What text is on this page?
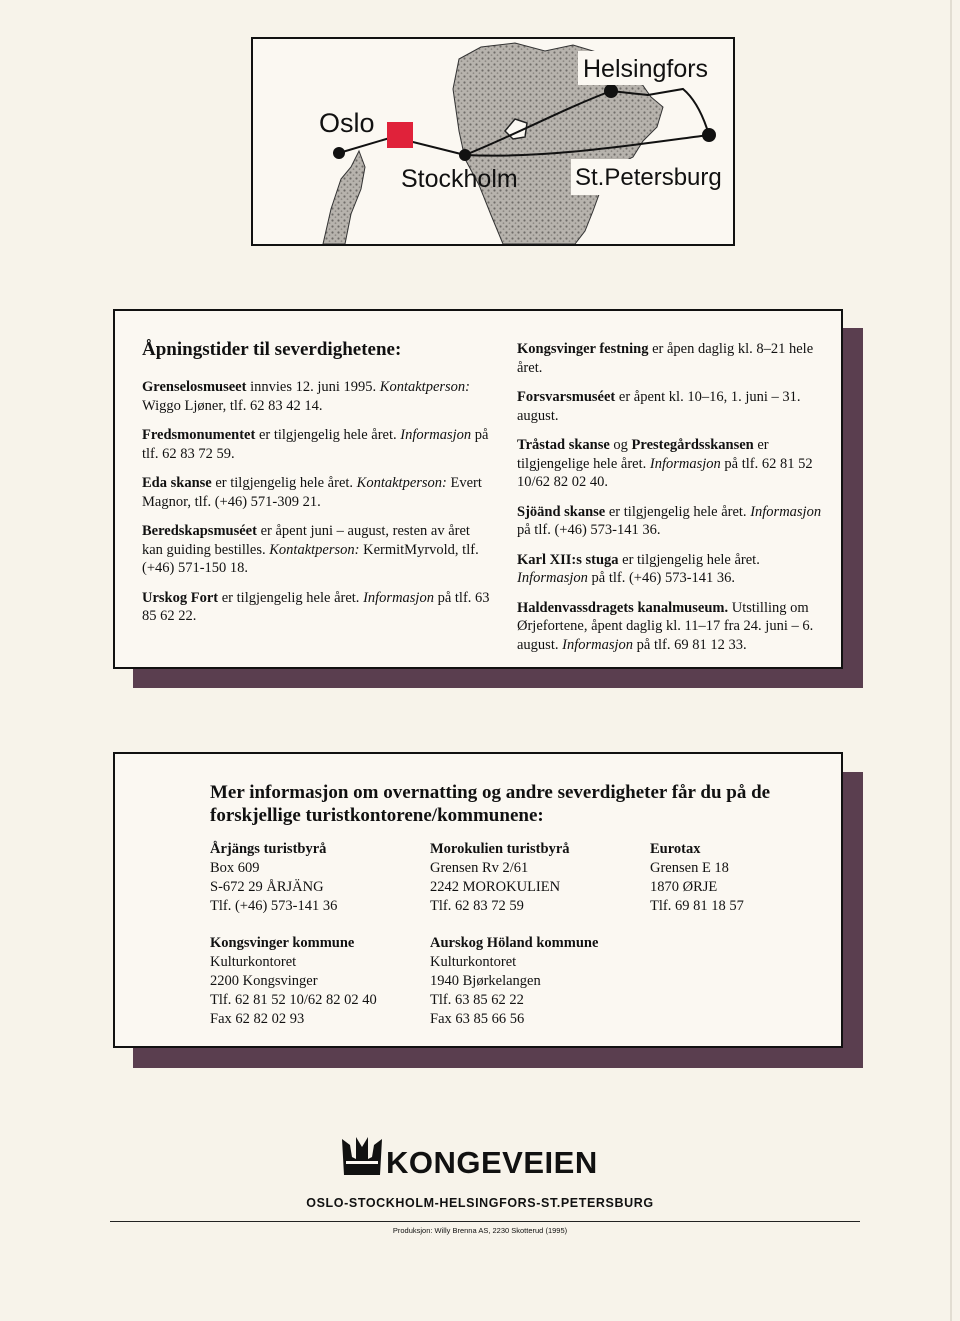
Oslo
Stockholm
Helsingfors
St.Petersburg
Åpningstider til severdighetene:

Grenselosmuseet innvies 12. juni 1995. Kontaktperson: Wiggo Ljøner, tlf. 62 83 42 14.

Fredsmonumentet er tilgjengelig hele året. Informasjon på tlf. 62 83 72 59.

Eda skanse er tilgjengelig hele året. Kontaktperson: Evert Magnor, tlf. (+46) 571-309 21.

Beredskapsmuséet er åpent juni – august, resten av året kan guiding bestilles. Kontaktperson: KermitMyrvold, tlf. (+46) 571-150 18.

Urskog Fort er tilgjengelig hele året. Informasjon på tlf. 63 85 62 22.

Kongsvinger festning er åpen daglig kl. 8–21 hele året.

Forsvarsmuséet er åpent kl. 10–16, 1. juni – 31. august.

Tråstad skanse og Prestegårdsskansen er tilgjengelige hele året. Informasjon på tlf. 62 81 52 10/62 82 02 40.

Sjöänd skanse er tilgjengelig hele året. Informasjon på tlf. (+46) 573-141 36.

Karl XII:s stuga er tilgjengelig hele året. Informasjon på tlf. (+46) 573-141 36.

Haldenvassdragets kanalmuseum. Utstilling om Ørjefortene, åpent daglig kl. 11–17 fra 24. juni – 6. august. Informasjon på tlf. 69 81 12 33.

Mer informasjon om overnatting og andre severdigheter får du på de forskjellige turistkontorene/kommunene:
Årjängs turistbyrå
Box 609
S-672 29 ÅRJÄNG
Tlf. (+46) 573-141 36
Morokulien turistbyrå
Grensen Rv 2/61
2242 MOROKULIEN
Tlf. 62 83 72 59
Eurotax
Grensen E 18
1870 ØRJE
Tlf. 69 81 18 57
Kongsvinger kommune
Kulturkontoret
2200 Kongsvinger
Tlf. 62 81 52 10/62 82 02 40
Fax 62 82 02 93
Aurskog Höland kommune
Kulturkontoret
1940 Bjørkelangen
Tlf. 63 85 62 22
Fax 63 85 66 56
KONGEVEIEN
OSLO-STOCKHOLM-HELSINGFORS-ST.PETERSBURG
Produksjon: Willy Brenna AS, 2230 Skotterud (1995)
